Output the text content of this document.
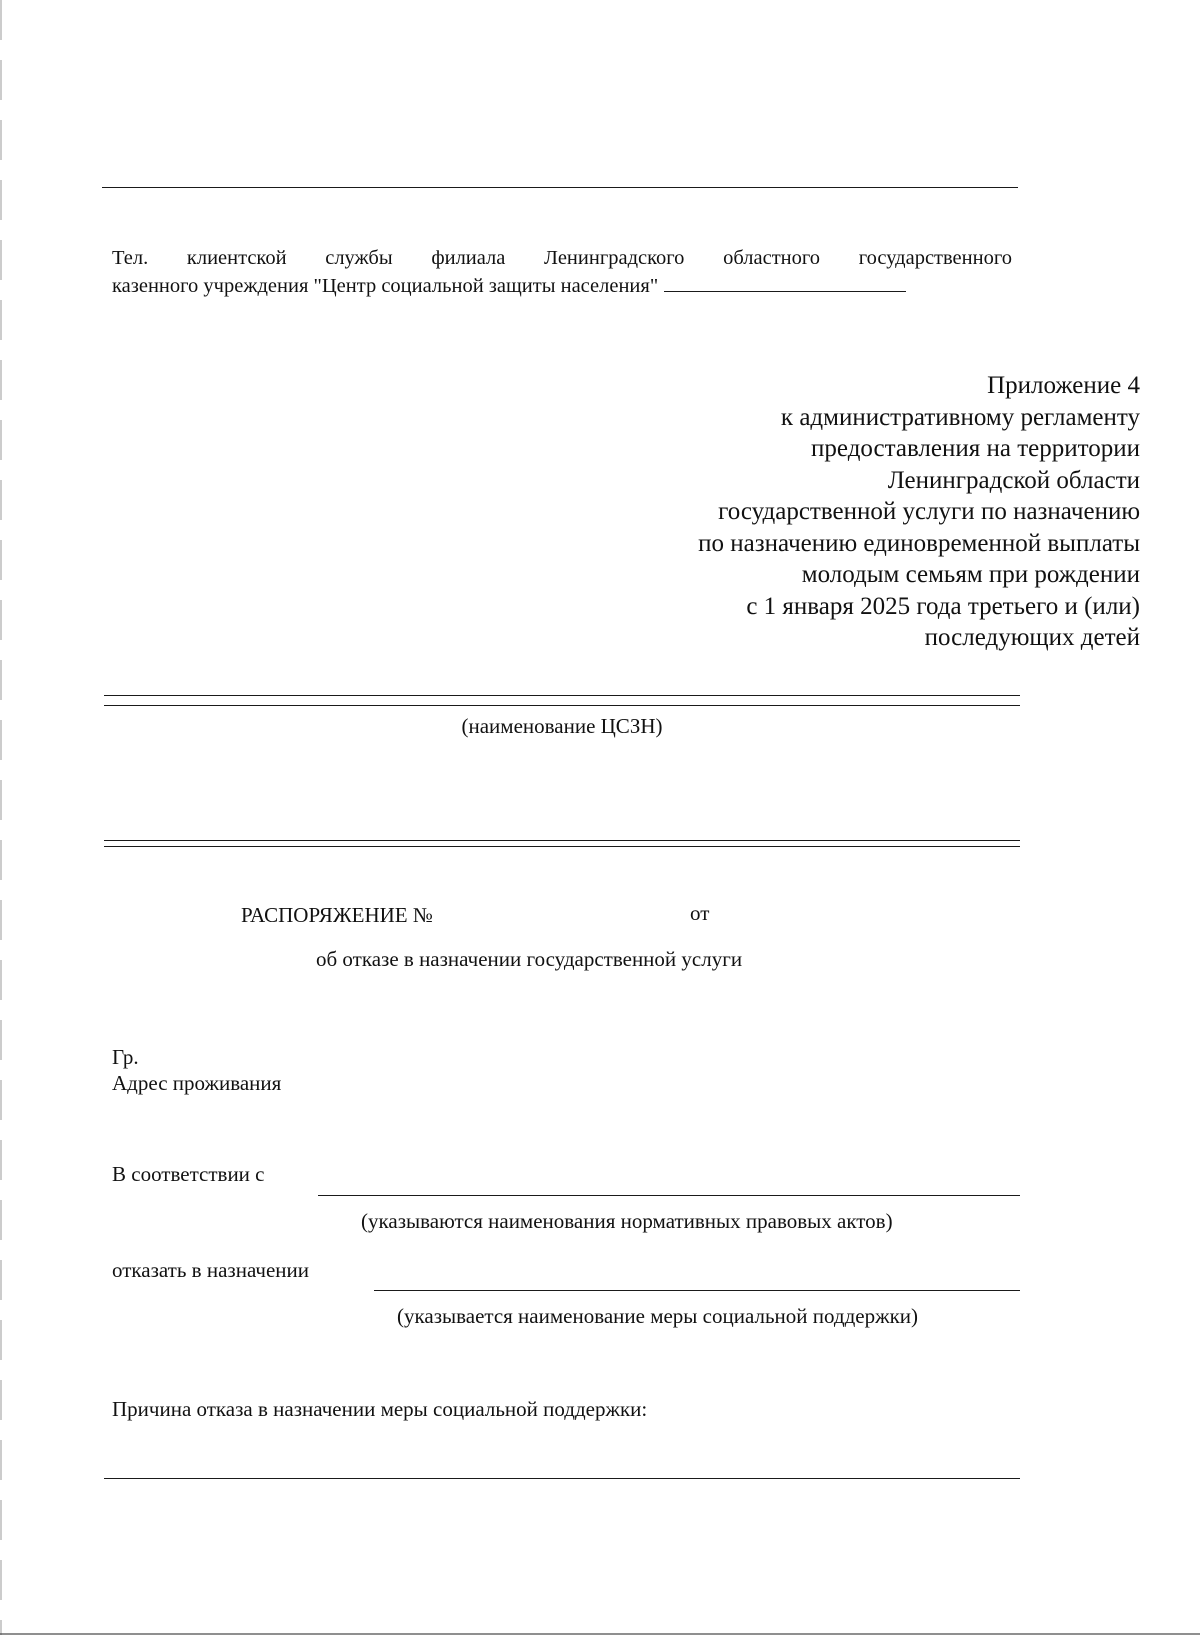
Тел. клиентской службы филиала Ленинградского областного государственного
казенного учреждения "Центр социальной защиты населения"
Приложение 4
к административному регламенту
предоставления на территории
Ленинградской области
государственной услуги по назначению
по назначению единовременной выплаты
молодым семьям при рождении
с 1 января 2025 года третьего и (или)
последующих детей
(наименование ЦСЗН)
РАСПОРЯЖЕНИЕ №	от
об отказе в назначении государственной услуги
Гр.
Адрес проживания
В соответствии с
(указываются наименования нормативных правовых актов)
отказать в назначении
(указывается наименование меры социальной поддержки)
Причина отказа в назначении меры социальной поддержки:
